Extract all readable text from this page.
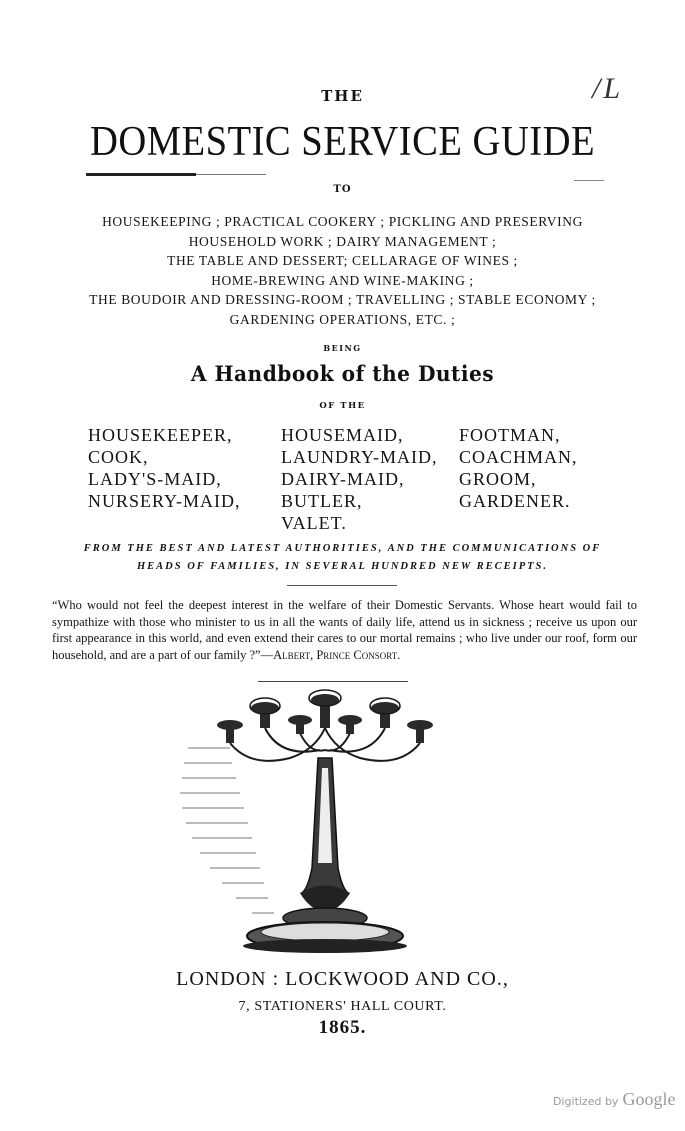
/L
THE
DOMESTIC SERVICE GUIDE
TO
HOUSEKEEPING ; PRACTICAL COOKERY ; PICKLING AND PRESERVING
HOUSEHOLD WORK ; DAIRY MANAGEMENT ;
THE TABLE AND DESSERT; CELLARAGE OF WINES ;
HOME-BREWING AND WINE-MAKING ;
THE BOUDOIR AND DRESSING-ROOM ; TRAVELLING ; STABLE ECONOMY ;
GARDENING OPERATIONS, ETC. ;
BEING
A Handbook of the Duties
OF THE
HOUSEKEEPER,
COOK,
LADY'S-MAID,
NURSERY-MAID,
HOUSEMAID,
LAUNDRY-MAID,
DAIRY-MAID,
BUTLER,
VALET.
FOOTMAN,
COACHMAN,
GROOM,
GARDENER.
FROM THE BEST AND LATEST AUTHORITIES, AND THE COMMUNICATIONS OF
HEADS OF FAMILIES, IN SEVERAL HUNDRED NEW RECEIPTS.
“Who would not feel the deepest interest in the welfare of their Domestic Servants. Whose heart would fail to sympathize with those who minister to us in all the wants of daily life, attend us in sickness ; receive us upon our first appearance in this world, and even extend their cares to our mortal remains ; who live under our roof, form our household, and are a part of our family ?”—Albert, Prince Consort.
LONDON : LOCKWOOD AND CO.,
7, STATIONERS' HALL COURT.
1865.
Digitized by Google
